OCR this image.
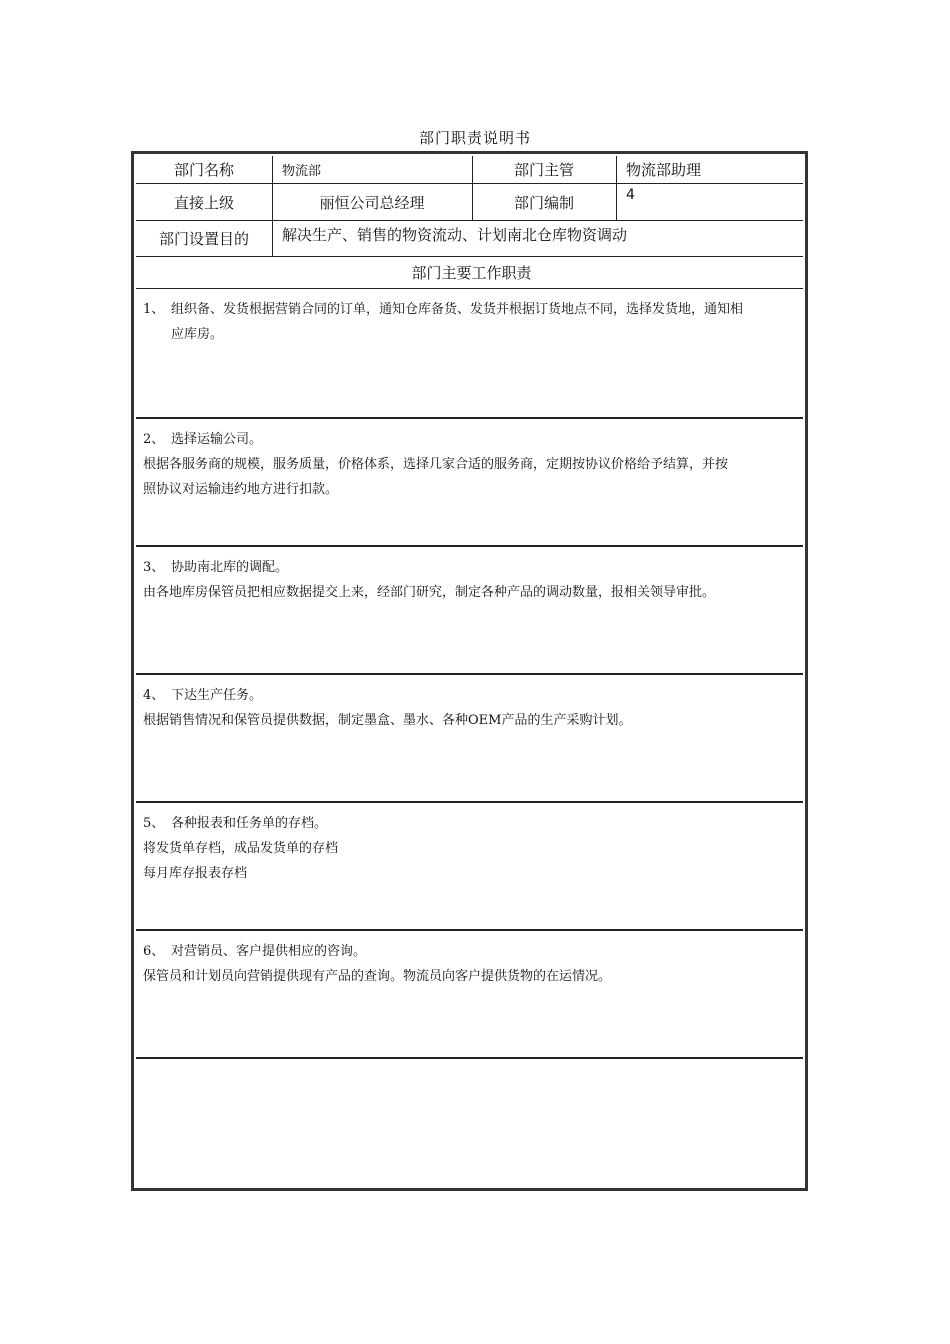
部门职责说明书
部门名称	物流部	部门主管	物流部助理
直接上级	丽恒公司总经理	部门编制	4
部门设置目的	解决生产、销售的物资流动、计划南北仓库物资调动
部门主要工作职责
1、 组织备、发货根据营销合同的订单，通知仓库备货、发货并根据订货地点不同，选择发货地，通知相
应库房。
2、 选择运输公司。
根据各服务商的规模，服务质量，价格体系，选择几家合适的服务商，定期按协议价格给予结算，并按
照协议对运输违约地方进行扣款。
3、 协助南北库的调配。
由各地库房保管员把相应数据提交上来，经部门研究，制定各种产品的调动数量，报相关领导审批。
4、 下达生产任务。
根据销售情况和保管员提供数据，制定墨盒、墨水、各种OEM产品的生产采购计划。
5、 各种报表和任务单的存档。
将发货单存档，成品发货单的存档
每月库存报表存档
6、 对营销员、客户提供相应的咨询。
保管员和计划员向营销提供现有产品的查询。物流员向客户提供货物的在运情况。
